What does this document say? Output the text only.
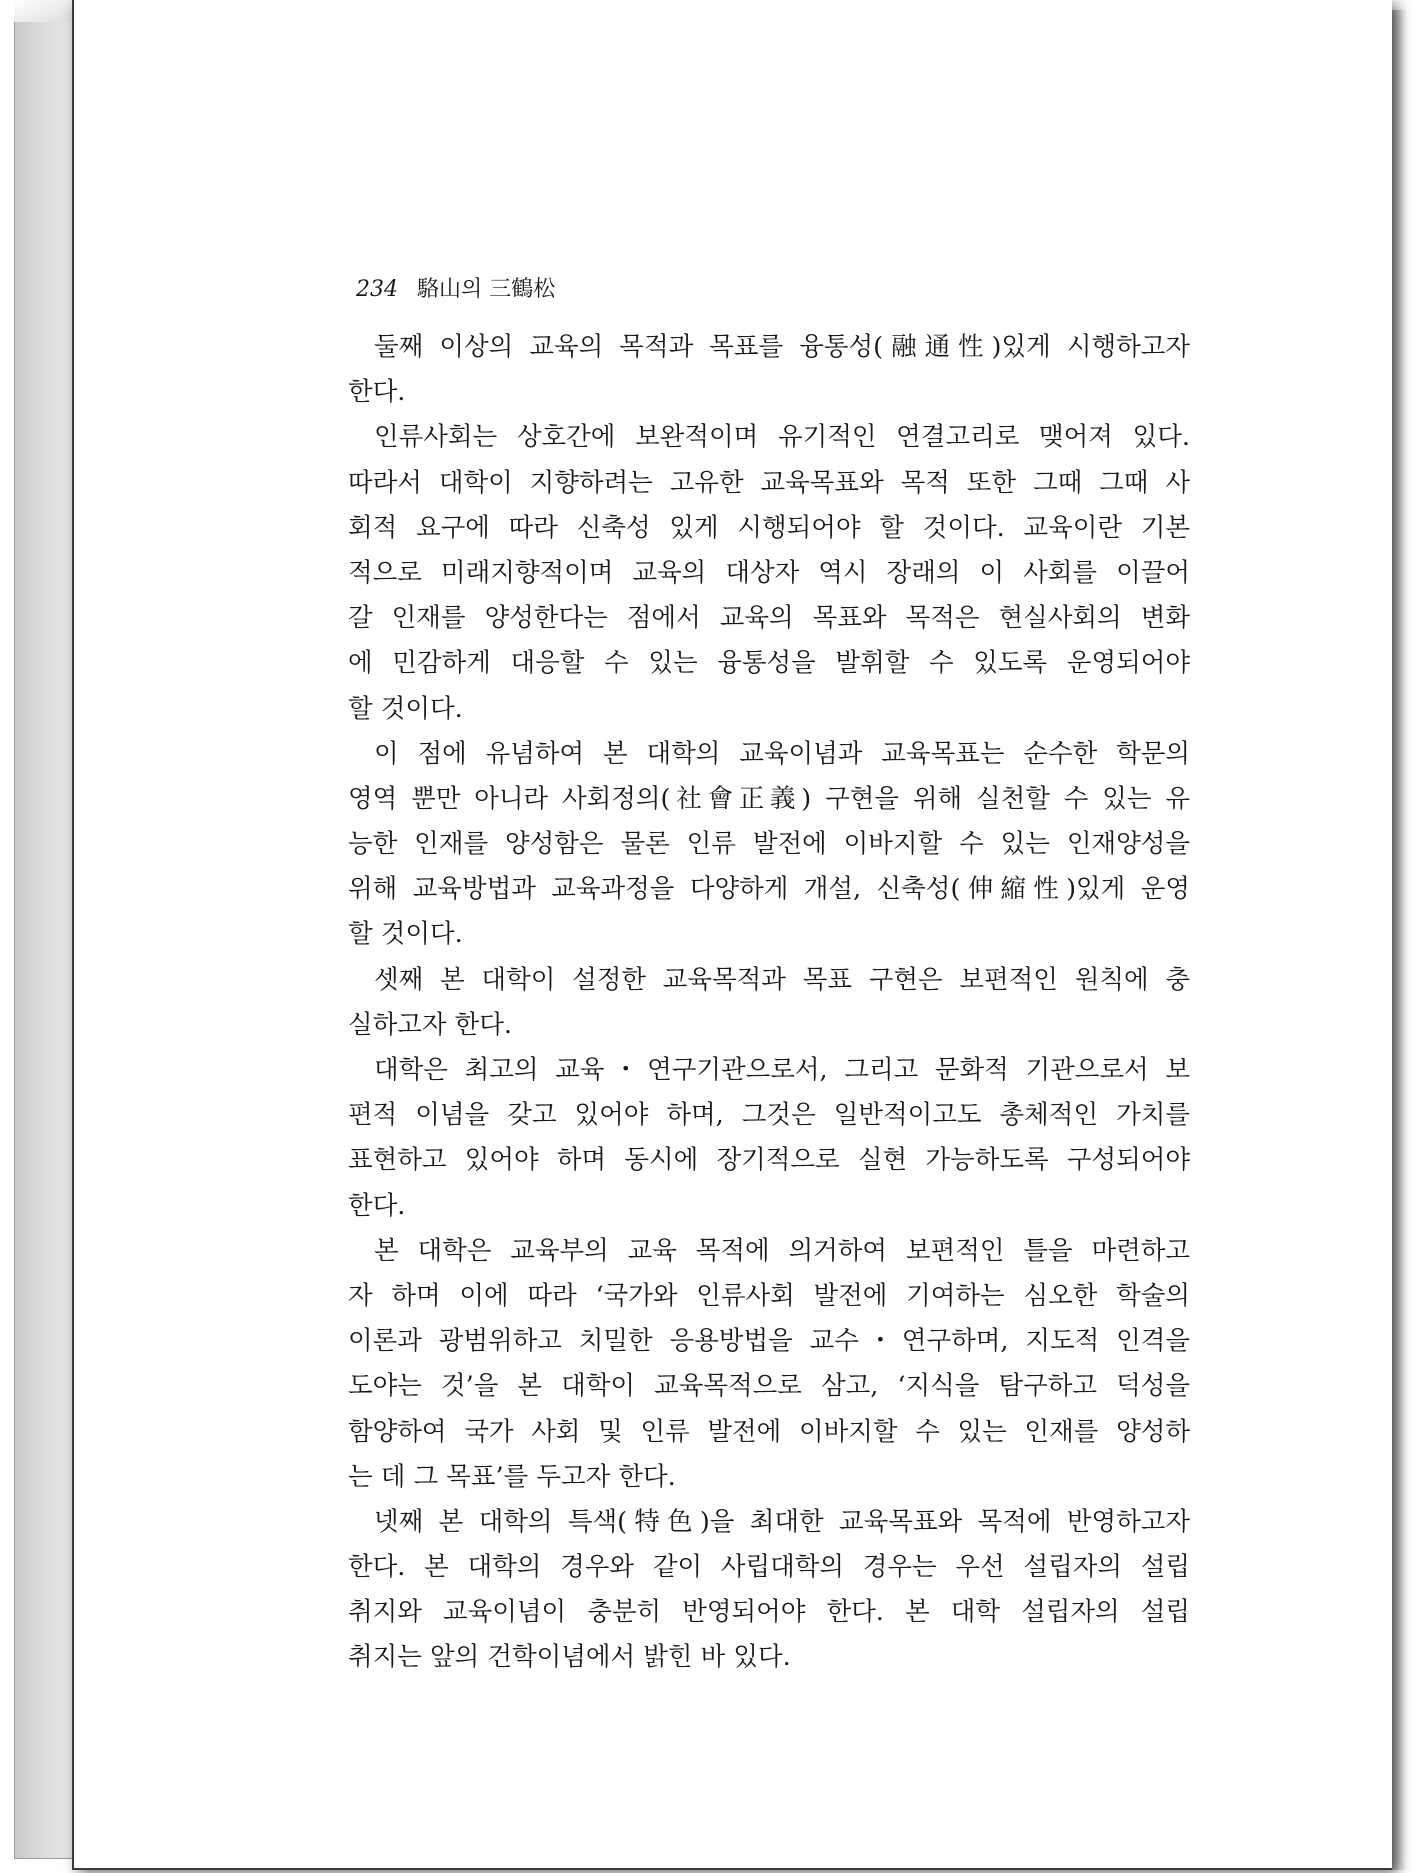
234 駱山의 三鶴松
둘째 이상의 교육의 목적과 목표를 융통성(融通性)있게 시행하고자
한다.
인류사회는 상호간에 보완적이며 유기적인 연결고리로 맺어져 있다.
따라서 대학이 지향하려는 고유한 교육목표와 목적 또한 그때 그때 사
회적 요구에 따라 신축성 있게 시행되어야 할 것이다. 교육이란 기본
적으로 미래지향적이며 교육의 대상자 역시 장래의 이 사회를 이끌어
갈 인재를 양성한다는 점에서 교육의 목표와 목적은 현실사회의 변화
에 민감하게 대응할 수 있는 융통성을 발휘할 수 있도록 운영되어야
할 것이다.
이 점에 유념하여 본 대학의 교육이념과 교육목표는 순수한 학문의
영역 뿐만 아니라 사회정의(社會正義) 구현을 위해 실천할 수 있는 유
능한 인재를 양성함은 물론 인류 발전에 이바지할 수 있는 인재양성을
위해 교육방법과 교육과정을 다양하게 개설, 신축성(伸縮性)있게 운영
할 것이다.
셋째 본 대학이 설정한 교육목적과 목표 구현은 보편적인 원칙에 충
실하고자 한다.
대학은 최고의 교육・연구기관으로서, 그리고 문화적 기관으로서 보
편적 이념을 갖고 있어야 하며, 그것은 일반적이고도 총체적인 가치를
표현하고 있어야 하며 동시에 장기적으로 실현 가능하도록 구성되어야
한다.
본 대학은 교육부의 교육 목적에 의거하여 보편적인 틀을 마련하고
자 하며 이에 따라 ‘국가와 인류사회 발전에 기여하는 심오한 학술의
이론과 광범위하고 치밀한 응용방법을 교수・연구하며, 지도적 인격을
도야는 것’을 본 대학이 교육목적으로 삼고, ‘지식을 탐구하고 덕성을
함양하여 국가 사회 및 인류 발전에 이바지할 수 있는 인재를 양성하
는 데 그 목표’를 두고자 한다.
넷째 본 대학의 특색(特色)을 최대한 교육목표와 목적에 반영하고자
한다. 본 대학의 경우와 같이 사립대학의 경우는 우선 설립자의 설립
취지와 교육이념이 충분히 반영되어야 한다. 본 대학 설립자의 설립
취지는 앞의 건학이념에서 밝힌 바 있다.
